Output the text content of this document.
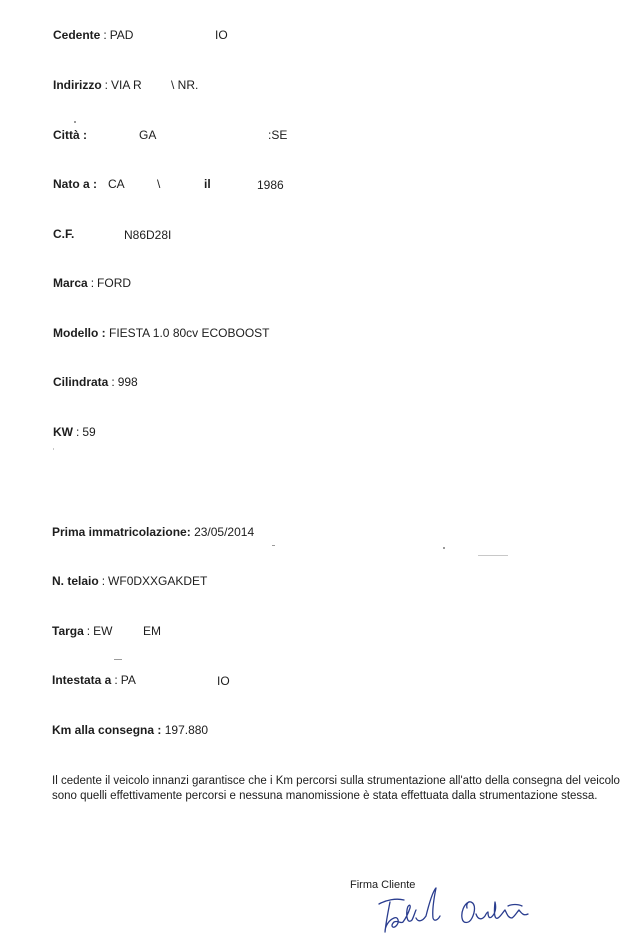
Cedente : PAD	IO
Indirizzo : VIA R \ NR.
Città :	GA	:SE
Nato a : CA	\	il	1986
C.F.	N86D28I
Marca : FORD
Modello : FIESTA 1.0 80cv ECOBOOST
Cilindrata : 998
KW : 59
Prima immatricolazione: 23/05/2014
N. telaio : WF0DXXGAKDET
Targa : EW	EM
Intestata a : PA	IO
Km alla consegna : 197.880
Il cedente il veicolo innanzi garantisce che i Km percorsi sulla strumentazione all'atto della consegna del veicolo sono quelli effettivamente percorsi e nessuna manomissione è stata effettuata dalla strumentazione stessa.
Firma Cliente
